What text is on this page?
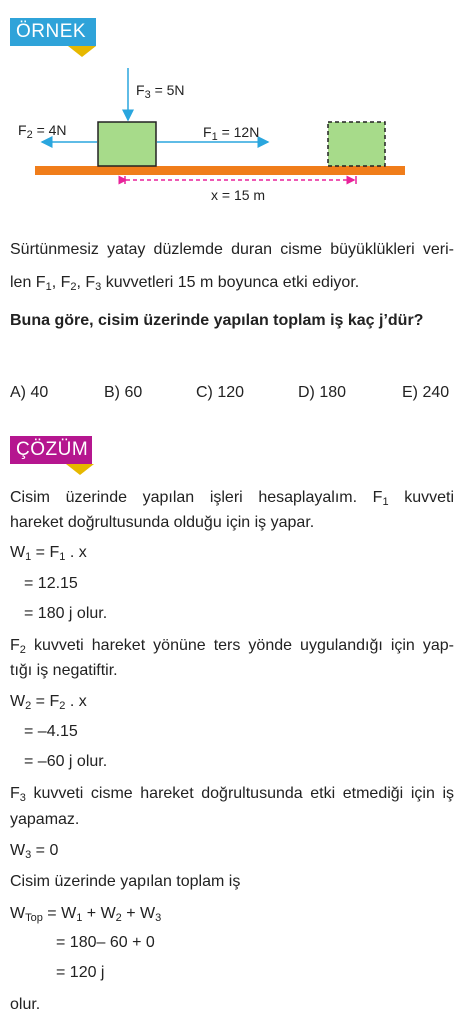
ÖRNEK
$F_3 = 5N$
$F_2 = 4N$	$F_1 = 12N$
x = 15 m
Sürtünmesiz yatay düzlemde duran cisme büyüklükleri veri-
len $F_1$, $F_2$, $F_3$ kuvvetleri 15 m boyunca etki ediyor.
Buna göre, cisim üzerinde yapılan toplam iş kaç j’dür?
A) 40	B) 60	C) 120	D) 180	E) 240
ÇÖZÜM
Cisim üzerinde yapılan işleri hesaplayalım. $F_1$ kuvveti
hareket doğrultusunda olduğu için iş yapar.
$W_1 = F_1$ . x
= 12.15
= 180 j olur.
$F_2$ kuvveti hareket yönüne ters yönde uygulandığı için yap-
tığı iş negatiftir.
$W_2 = F_2$ . x
= –4.15
= –60 j olur.
$F_3$ kuvveti cisme hareket doğrultusunda etki etmediği için iş
yapamaz.
$W_3 = 0$
Cisim üzerinde yapılan toplam iş
$W_{Top} = W_1 + W_2 + W_3$
= 180– 60 + 0
= 120 j
olur.
